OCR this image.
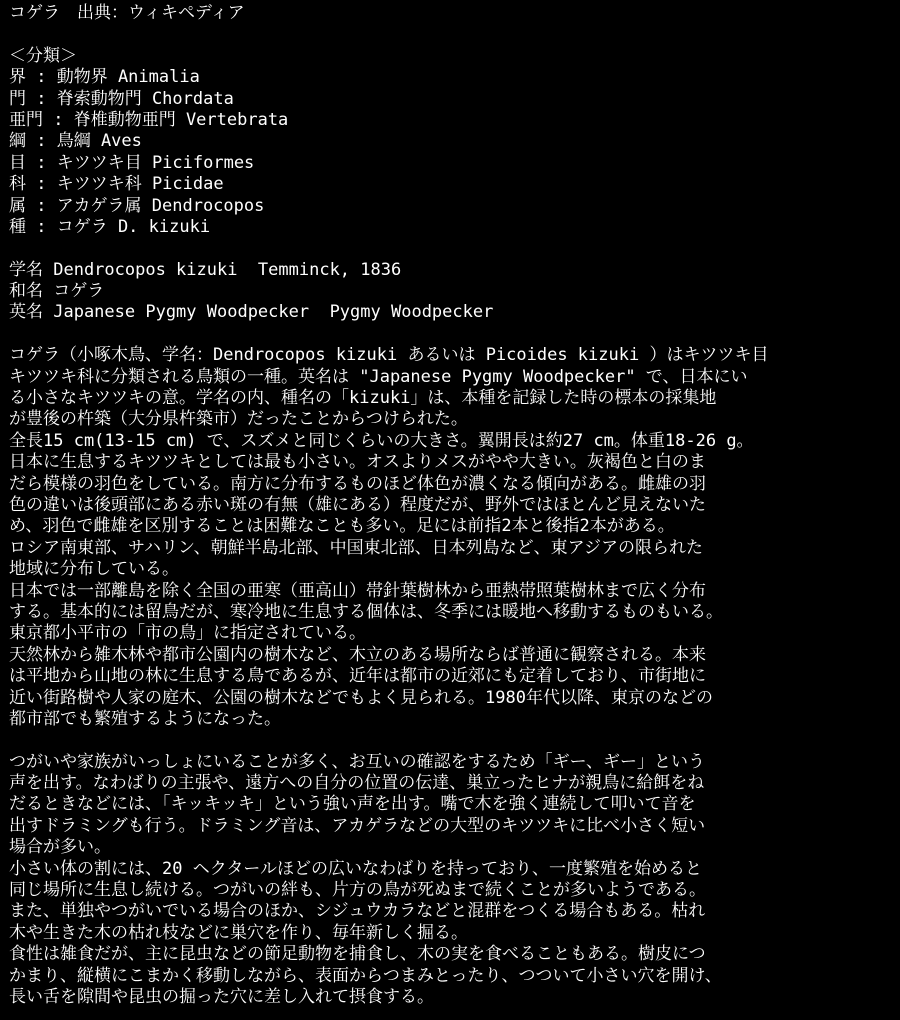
コゲラ　出典：ウィキペディア
＜分類＞
界 : 動物界 Animalia
門 : 脊索動物門 Chordata
亜門 : 脊椎動物亜門 Vertebrata
綱 : 鳥綱 Aves
目 : キツツキ目 Piciformes
科 : キツツキ科 Picidae
属 : アカゲラ属 Dendrocopos
種 : コゲラ D. kizuki
学名 Dendrocopos kizuki  Temminck, 1836
和名 コゲラ
英名 Japanese Pygmy Woodpecker  Pygmy Woodpecker
コゲラ（小啄木鳥、学名：Dendrocopos kizuki あるいは Picoides kizuki ）はキツツキ目
キツツキ科に分類される鳥類の一種。英名は "Japanese Pygmy Woodpecker" で、日本にい
る小さなキツツキの意。学名の内、種名の「kizuki」は、本種を記録した時の標本の採集地
が豊後の杵築（大分県杵築市）だったことからつけられた。
全長15 cm(13-15 cm) で、スズメと同じくらいの大きさ。翼開長は約27 cm。体重18-26 g。
日本に生息するキツツキとしては最も小さい。オスよりメスがやや大きい。灰褐色と白のま
だら模様の羽色をしている。南方に分布するものほど体色が濃くなる傾向がある。雌雄の羽
色の違いは後頭部にある赤い斑の有無（雄にある）程度だが、野外ではほとんど見えないた
め、羽色で雌雄を区別することは困難なことも多い。足には前指2本と後指2本がある。
ロシア南東部、サハリン、朝鮮半島北部、中国東北部、日本列島など、東アジアの限られた
地域に分布している。
日本では一部離島を除く全国の亜寒（亜高山）帯針葉樹林から亜熱帯照葉樹林まで広く分布
する。基本的には留鳥だが、寒冷地に生息する個体は、冬季には暖地へ移動するものもいる。
東京都小平市の「市の鳥」に指定されている。
天然林から雑木林や都市公園内の樹木など、木立のある場所ならば普通に観察される。本来
は平地から山地の林に生息する鳥であるが、近年は都市の近郊にも定着しており、市街地に
近い街路樹や人家の庭木、公園の樹木などでもよく見られる。1980年代以降、東京のなどの
都市部でも繁殖するようになった。
つがいや家族がいっしょにいることが多く、お互いの確認をするため「ギー、ギー」という
声を出す。なわばりの主張や、遠方への自分の位置の伝達、巣立ったヒナが親鳥に給餌をね
だるときなどには、「キッキッキ」という強い声を出す。嘴で木を強く連続して叩いて音を
出すドラミングも行う。ドラミング音は、アカゲラなどの大型のキツツキに比べ小さく短い
場合が多い。
小さい体の割には、20 ヘクタールほどの広いなわばりを持っており、一度繁殖を始めると
同じ場所に生息し続ける。つがいの絆も、片方の鳥が死ぬまで続くことが多いようである。
また、単独やつがいでいる場合のほか、シジュウカラなどと混群をつくる場合もある。枯れ
木や生きた木の枯れ枝などに巣穴を作り、毎年新しく掘る。
食性は雑食だが、主に昆虫などの節足動物を捕食し、木の実を食べることもある。樹皮につ
かまり、縦横にこまかく移動しながら、表面からつまみとったり、つついて小さい穴を開け、
長い舌を隙間や昆虫の掘った穴に差し入れて摂食する。
